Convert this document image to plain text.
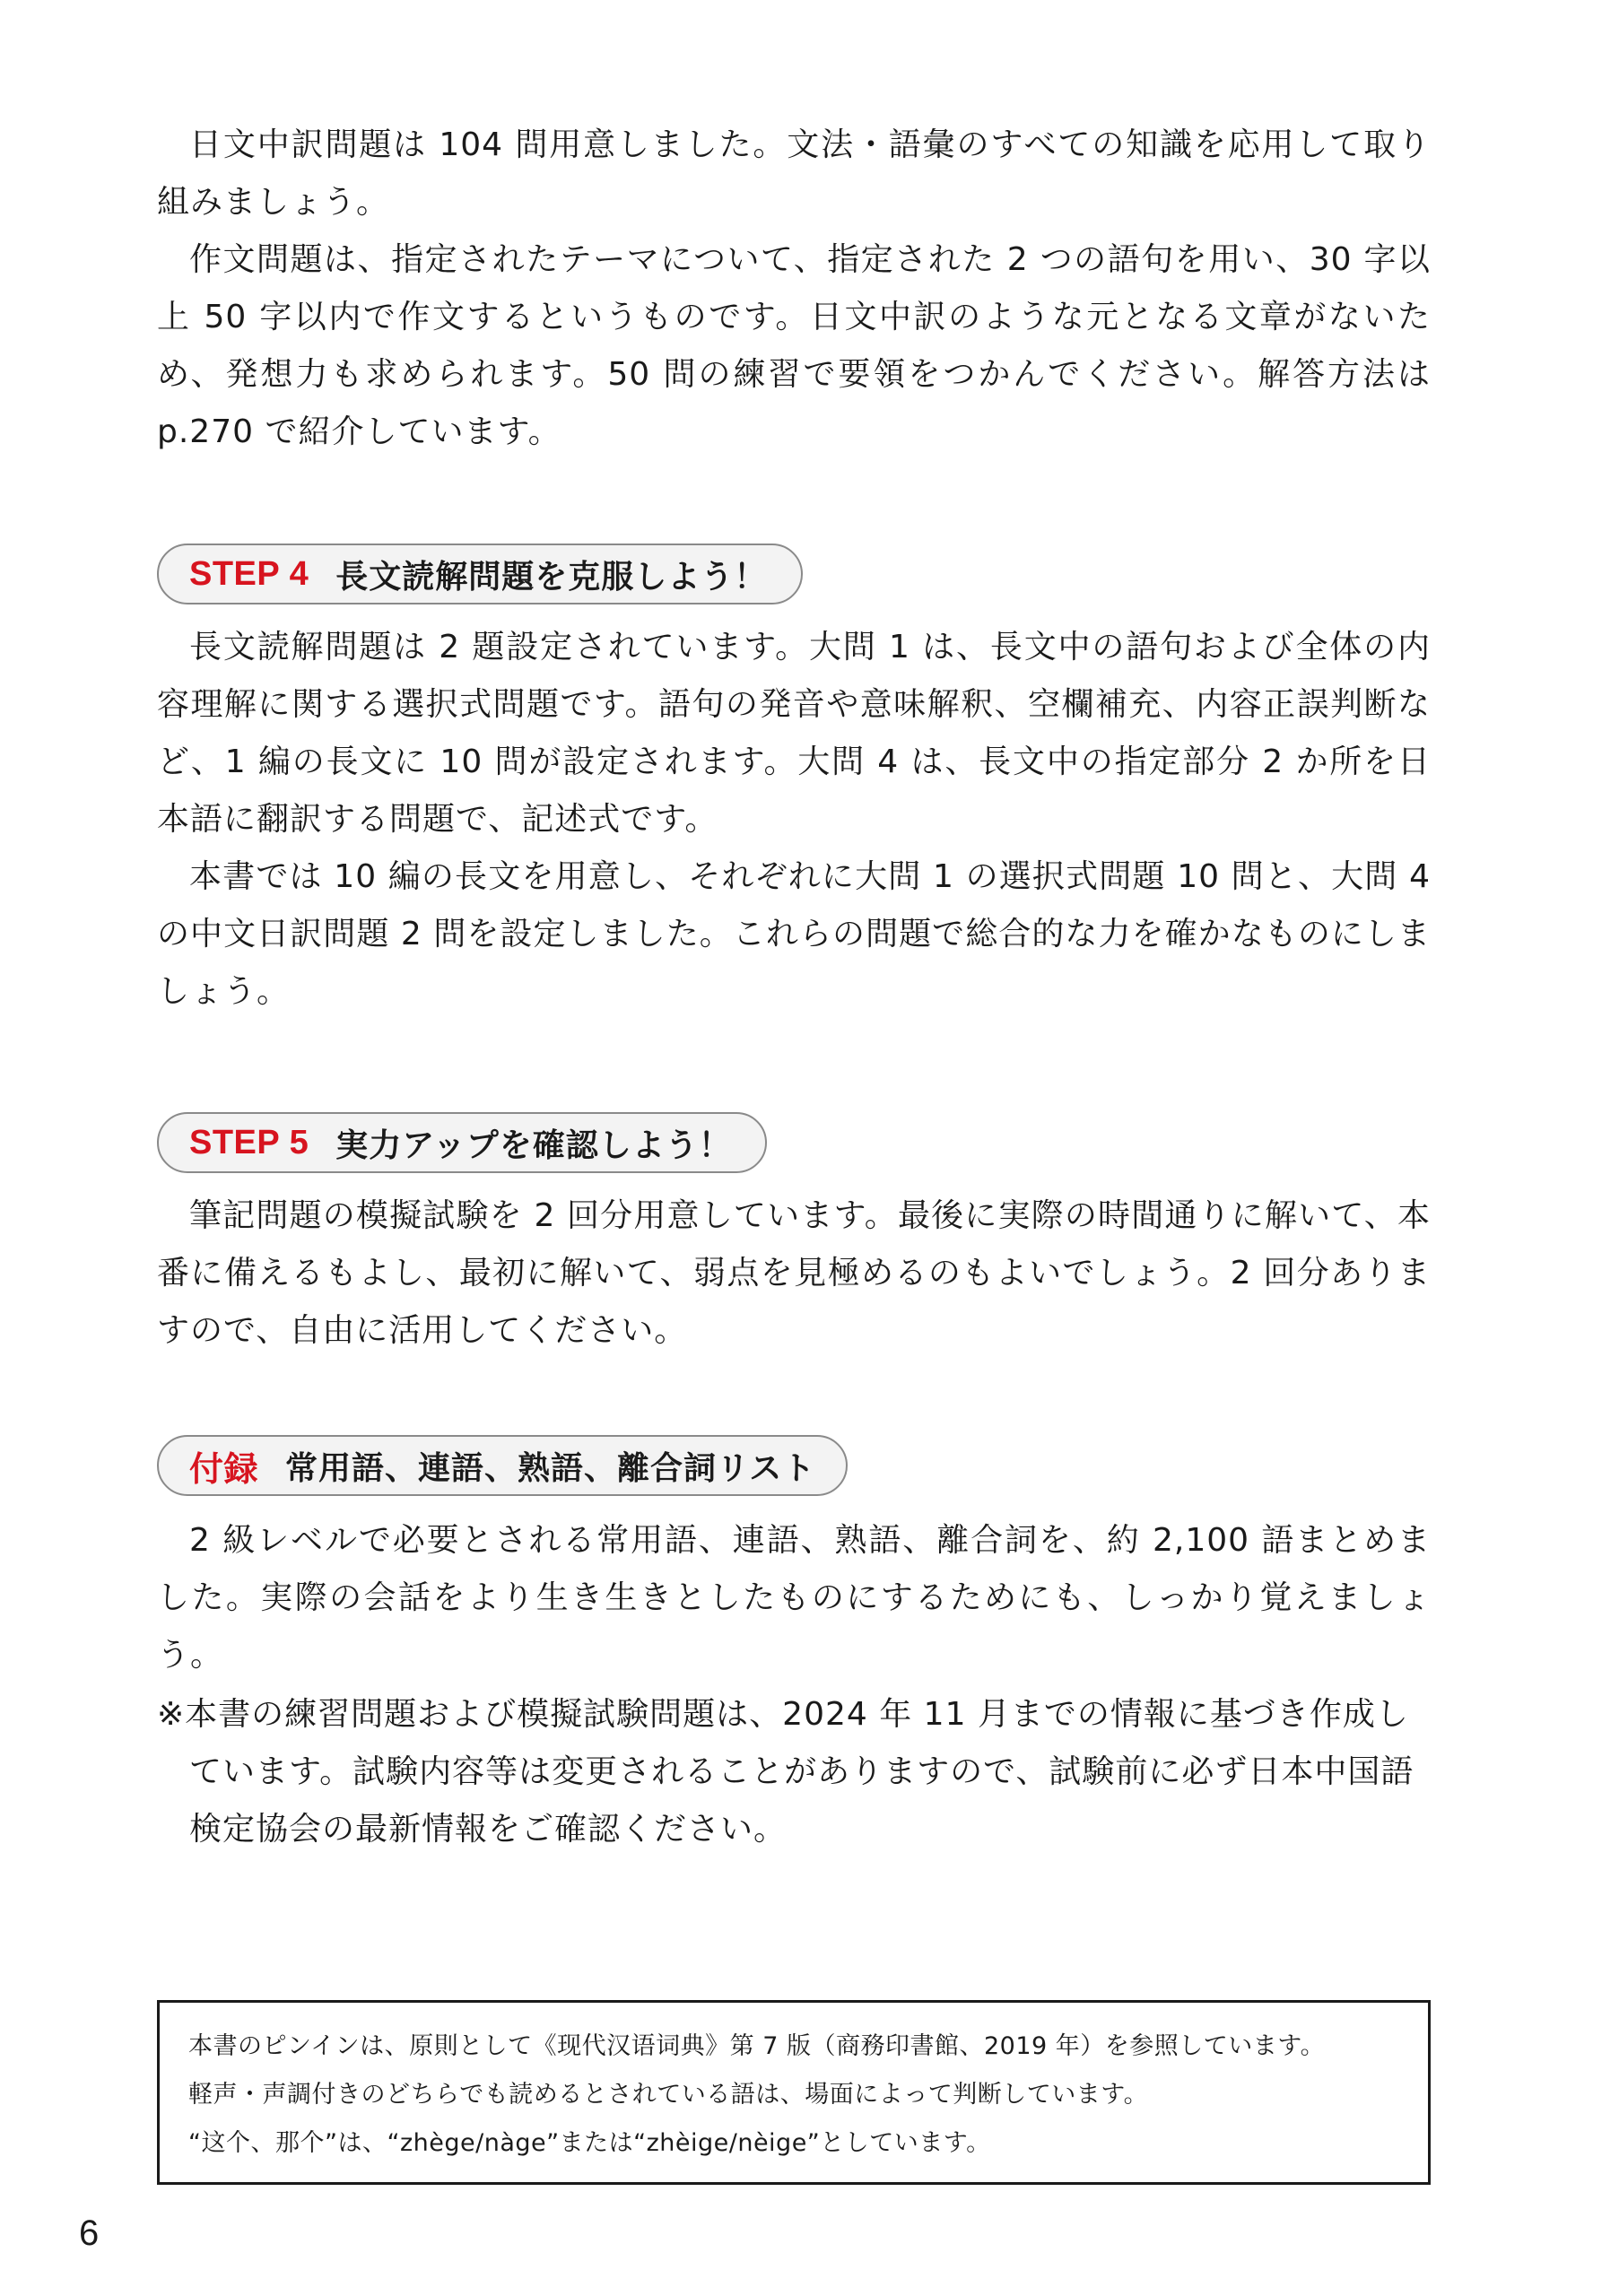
日文中訳問題は 104 問用意しました。文法・語彙のすべての知識を応用して取り組みましょう。

作文問題は、指定されたテーマについて、指定された 2 つの語句を用い、30 字以上 50 字以内で作文するというものです。日文中訳のような元となる文章がないため、発想力も求められます。50 問の練習で要領をつかんでください。解答方法は p.270 で紹介しています。

STEP 4 長文読解問題を克服しよう！

長文読解問題は 2 題設定されています。大問 1 は、長文中の語句および全体の内容理解に関する選択式問題です。語句の発音や意味解釈、空欄補充、内容正誤判断など、1 編の長文に 10 問が設定されます。大問 4 は、長文中の指定部分 2 か所を日本語に翻訳する問題で、記述式です。

本書では 10 編の長文を用意し、それぞれに大問 1 の選択式問題 10 問と、大問 4 の中文日訳問題 2 問を設定しました。これらの問題で総合的な力を確かなものにしましょう。

STEP 5 実力アップを確認しよう！

筆記問題の模擬試験を 2 回分用意しています。最後に実際の時間通りに解いて、本番に備えるもよし、最初に解いて、弱点を見極めるのもよいでしょう。2 回分ありますので、自由に活用してください。

付録 常用語、連語、熟語、離合詞リスト

2 級レベルで必要とされる常用語、連語、熟語、離合詞を、約 2,100 語まとめました。実際の会話をより生き生きとしたものにするためにも、しっかり覚えましょう。

※本書の練習問題および模擬試験問題は、2024 年 11 月までの情報に基づき作成しています。試験内容等は変更されることがありますので、試験前に必ず日本中国語検定協会の最新情報をご確認ください。

本書のピンインは、原則として《现代汉语词典》第 7 版（商務印書館、2019 年）を参照しています。

軽声・声調付きのどちらでも読めるとされている語は、場面によって判断しています。

“这个、那个”は、“zhège/nàge”または“zhèige/nèige”としています。

6
